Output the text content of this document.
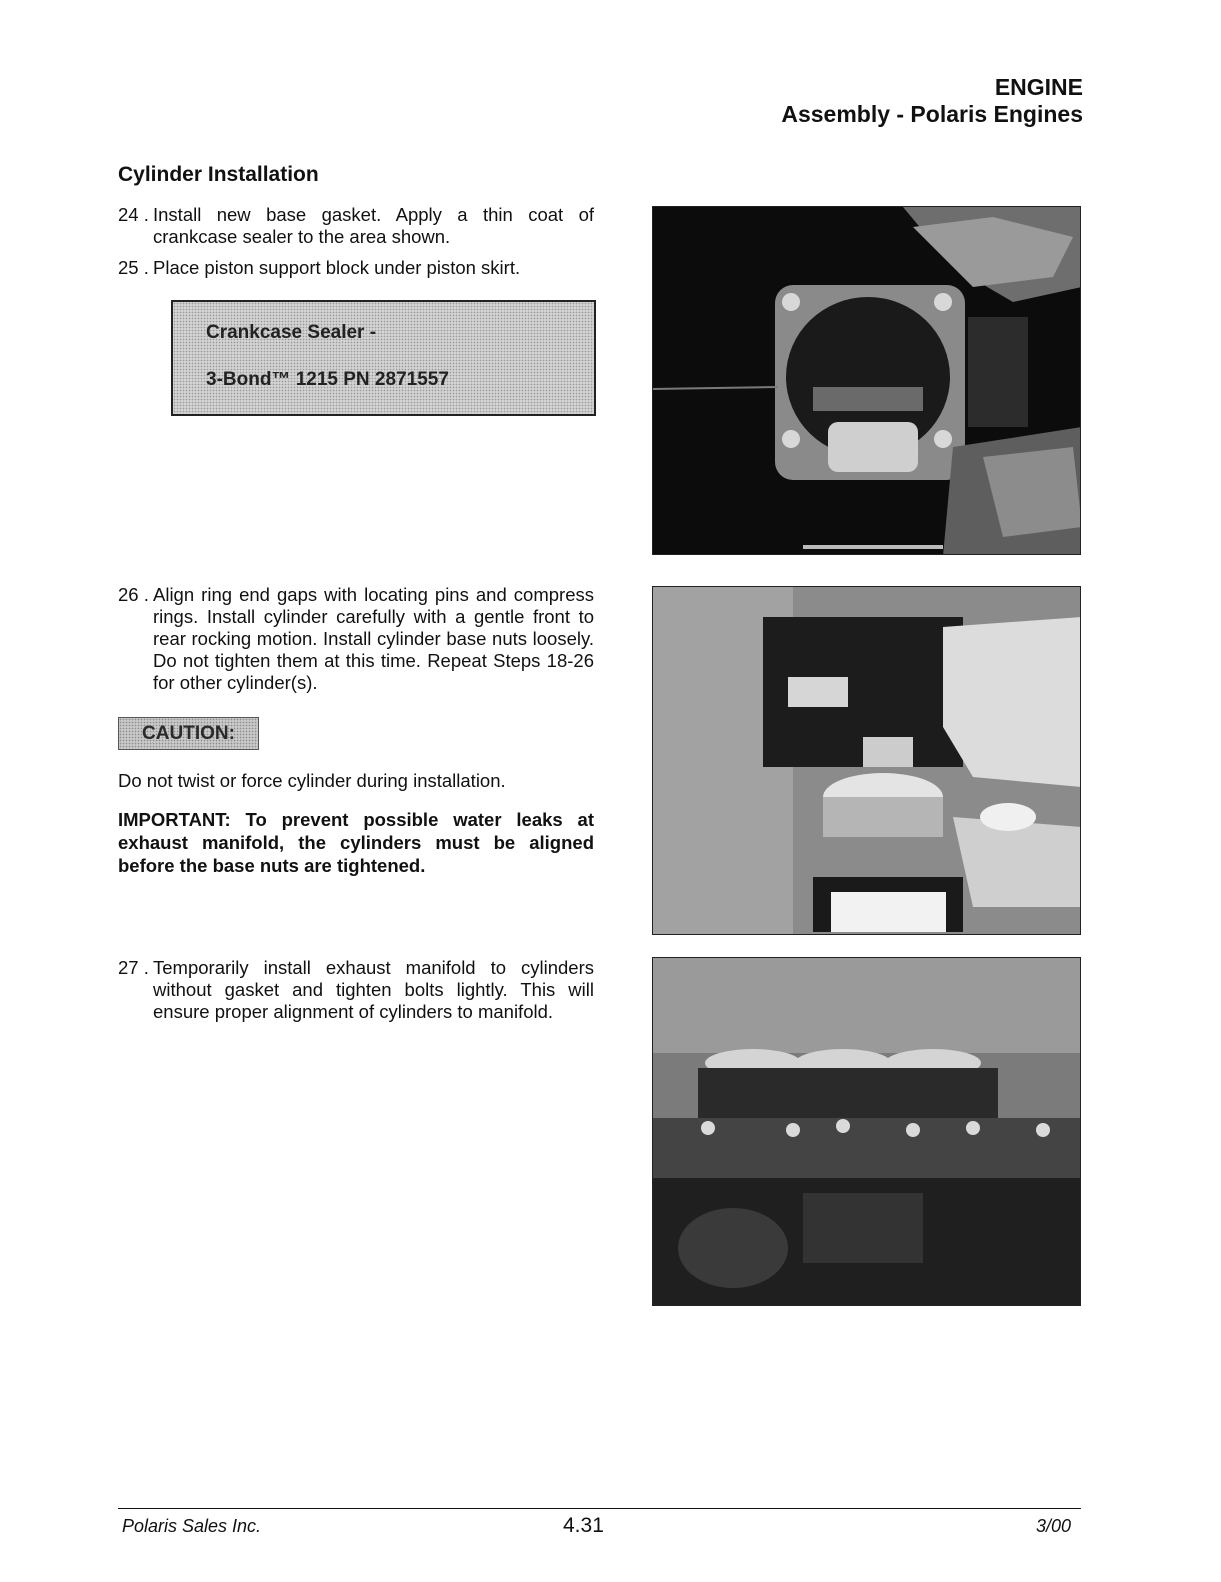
ENGINE
Assembly - Polaris Engines
Cylinder Installation
24 . Install new base gasket. Apply a thin coat of crankcase sealer to the area shown.
25 . Place piston support block under piston skirt.
Crankcase Sealer -
3-Bond™ 1215 PN 2871557
26 . Align ring end gaps with locating pins and compress rings. Install cylinder carefully with a gentle front to rear rocking motion. Install cylinder base nuts loosely. Do not tighten them at this time. Repeat Steps 18-26 for other cylinder(s).
CAUTION:
Do not twist or force cylinder during installation.
IMPORTANT: To prevent possible water leaks at exhaust manifold, the cylinders must be aligned before the base nuts are tightened.
27 . Temporarily install exhaust manifold to cylinders without gasket and tighten bolts lightly. This will ensure proper alignment of cylinders to manifold.
Polaris Sales Inc.	4.31	3/00
